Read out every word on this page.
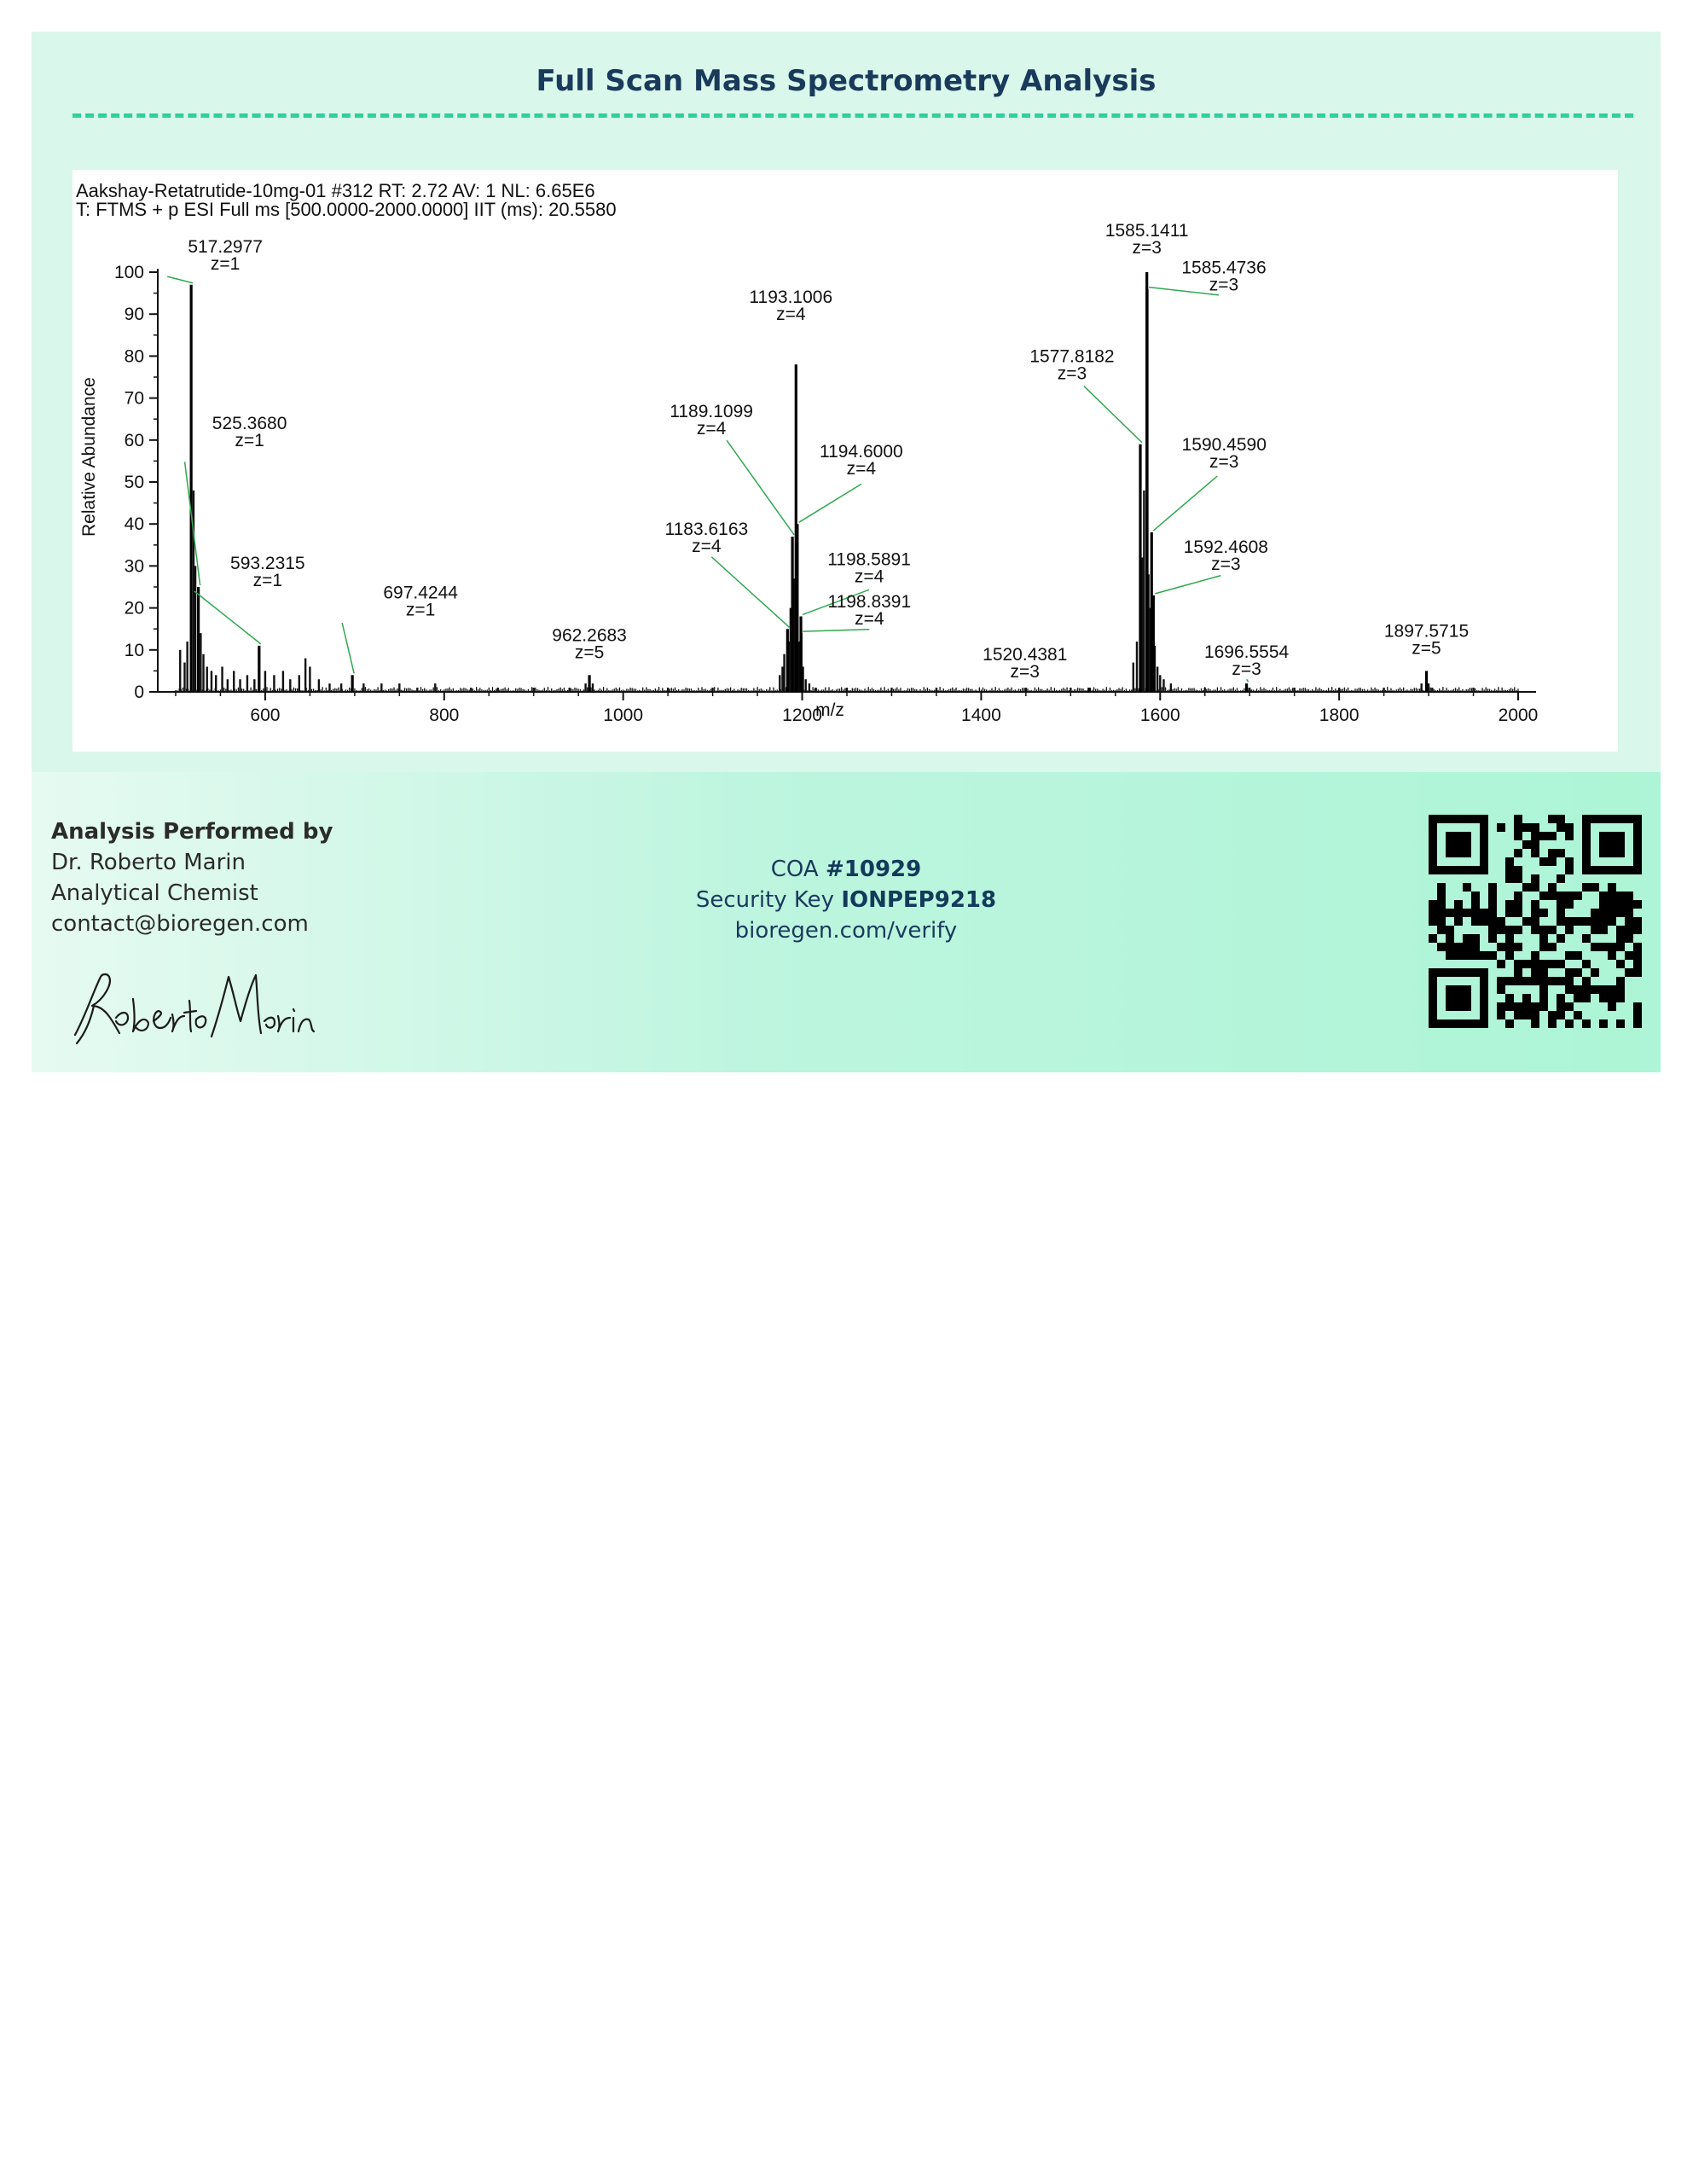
Full Scan Mass Spectrometry Analysis
Aakshay-Retatrutide-10mg-01 #312 RT: 2.72 AV: 1 NL: 6.65E6
T: FTMS + p ESI Full ms [500.0000-2000.0000] IIT (ms): 20.5580
Relative Abundance
m/z
0
10
20
30
40
50
60
70
80
90
100
600	800	1000	1200	1400	1600	1800	2000
517.2977
z=1
525.3680
z=1
593.2315
z=1
697.4244
z=1
962.2683
z=5
1183.6163
z=4
1189.1099
z=4
1193.1006
z=4
1194.6000
z=4
1198.5891
z=4
1198.8391
z=4
1520.4381
z=3
1577.8182
z=3
1585.1411
z=3
1585.4736
z=3
1590.4590
z=3
1592.4608
z=3
1696.5554
z=3
1897.5715
z=5
Analysis Performed by
Dr. Roberto Marin
Analytical Chemist
contact@bioregen.com
COA #10929
Security Key IONPEP9218
bioregen.com/verify
